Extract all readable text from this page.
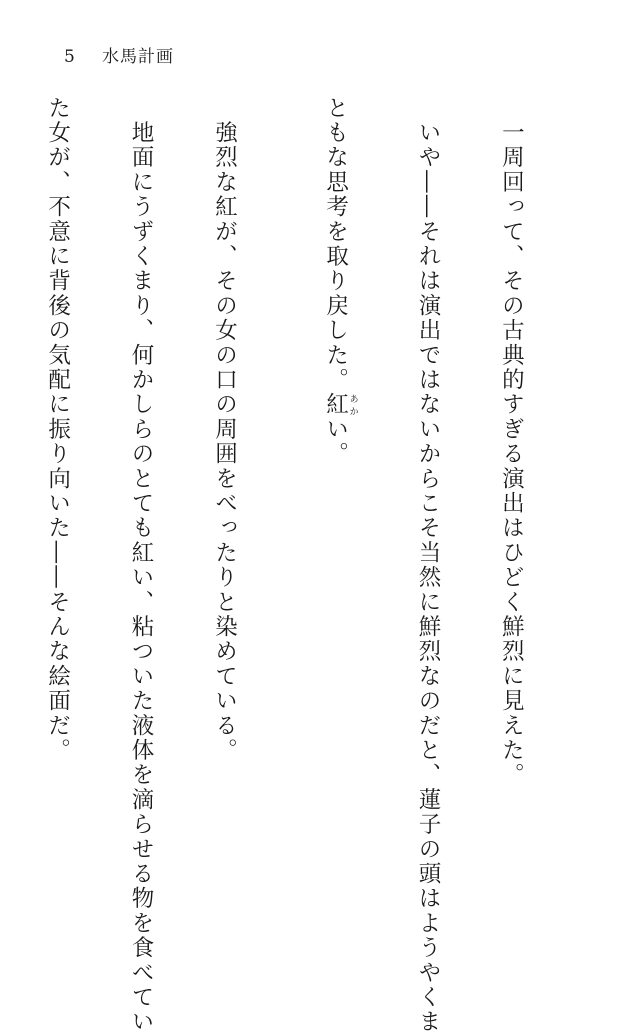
5 水馬計画

　一周回って、その古典的すぎる演出はひどく鮮烈に見えた。

　いや――それは演出ではないからこそ当然に鮮烈なのだと、蓮子の頭はようやくま

ともな思考を取り戻した。紅 あかい。

　強烈な紅が、その女の口の周囲をべったりと染めている。

　地面にうずくまり、何かしらのとても紅い、粘ついた液体を滴らせる物を食べてい

た女が、不意に背後の気配に振り向いた――そんな絵面だ。
